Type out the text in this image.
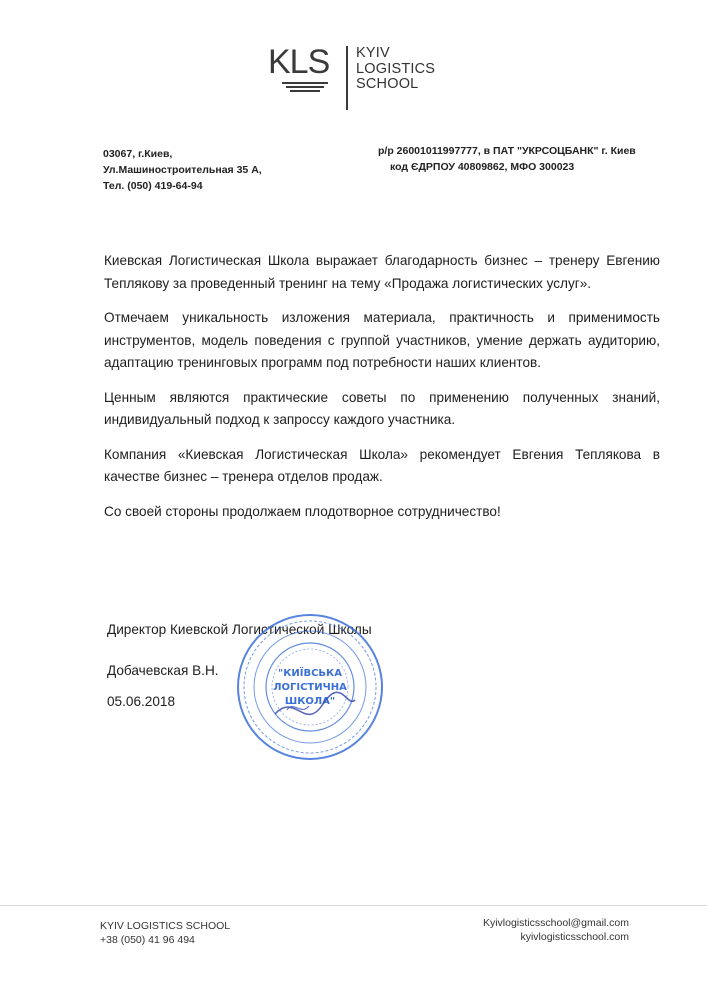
KLS KYIV
LOGISTICS
SCHOOL
03067, г.Киев,
Ул.Машиностроительная 35 А,
Тел. (050) 419-64-94
р/р 26001011997777, в ПАТ "УКРСОЦБАНК" г. Киев
код ЄДРПОУ 40809862, МФО 300023

Киевская Логистическая Школа выражает благодарность бизнес – тренеру Евгению Теплякову за проведенный тренинг на тему «Продажа логистических услуг».

Отмечаем уникальность изложения материала, практичность и применимость инструментов, модель поведения с группой участников, умение держать аудиторию, адаптацию тренинговых программ под потребности наших клиентов.

Ценным являются практические советы по применению полученных знаний, индивидуальный подход к запроссу каждого участника.

Компания «Киевская Логистическая Школа» рекомендует Евгения Теплякова в качестве бизнес – тренера отделов продаж.

Со своей стороны продолжаем плодотворное сотрудничество!

Директор Киевской Логистической Школы
Добачевская В.Н.
05.06.2018
"КИЇВСЬКА
ЛОГІСТИЧНА
ШКОЛА"
KYIV LOGISTICS SCHOOL
+38 (050) 41 96 494
Kyivlogisticsschool@gmail.com
kyivlogisticsschool.com
